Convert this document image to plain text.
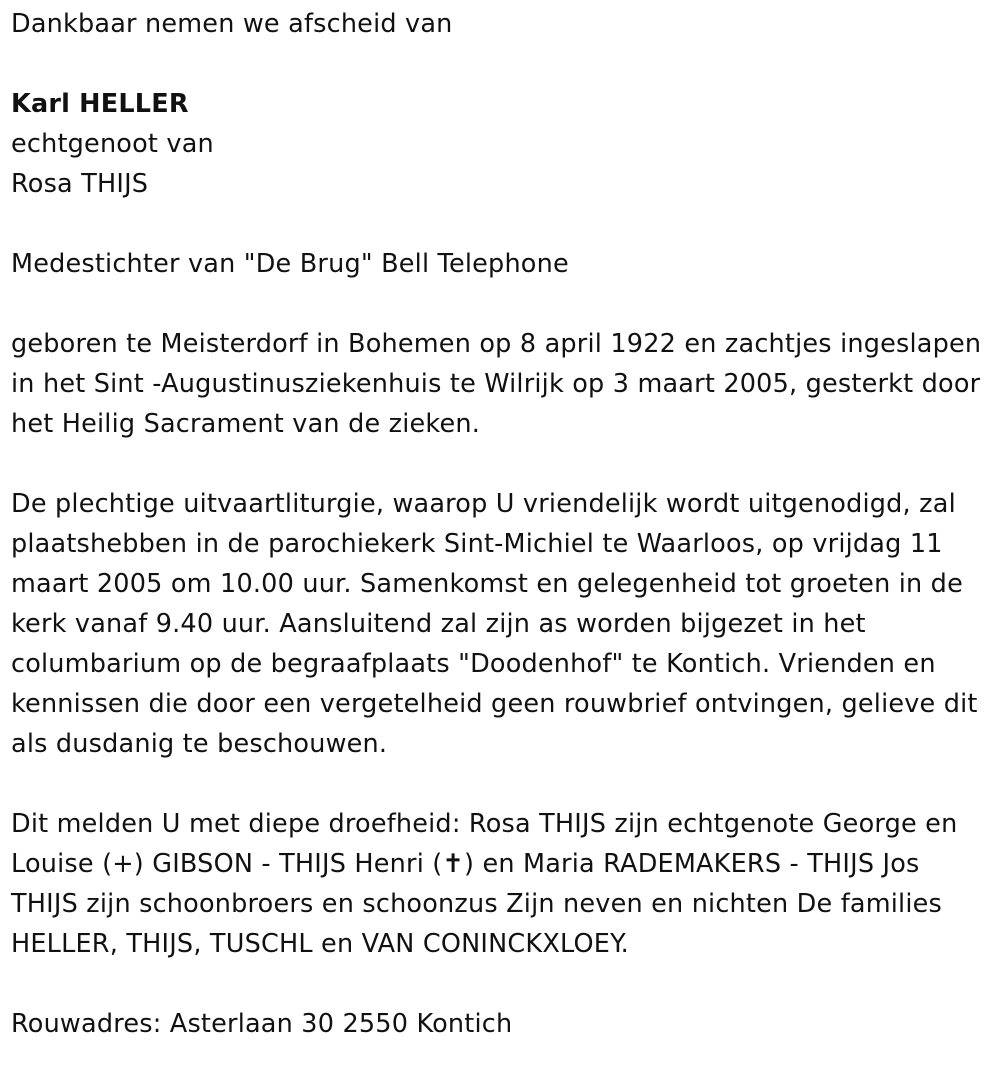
Dankbaar nemen we afscheid van

Karl HELLER

echtgenoot van

Rosa THIJS

Medestichter van "De Brug" Bell Telephone

geboren te Meisterdorf in Bohemen op 8 april 1922 en zachtjes ingeslapen in het Sint -Augustinusziekenhuis te Wilrijk op 3 maart 2005, gesterkt door het Heilig Sacrament van de zieken.

De plechtige uitvaartliturgie, waarop U vriendelijk wordt uitgenodigd, zal plaatshebben in de parochiekerk Sint-Michiel te Waarloos, op vrijdag 11 maart 2005 om 10.00 uur. Samenkomst en gelegenheid tot groeten in de kerk vanaf 9.40 uur. Aansluitend zal zijn as worden bijgezet in het columbarium op de begraafplaats "Doodenhof" te Kontich. Vrienden en kennissen die door een vergetelheid geen rouwbrief ontvingen, gelieve dit als dusdanig te beschouwen.

Dit melden U met diepe droefheid: Rosa THIJS zijn echtgenote George en Louise (+) GIBSON - THIJS Henri (✝) en Maria RADEMAKERS - THIJS Jos THIJS zijn schoonbroers en schoonzus Zijn neven en nichten De families HELLER, THIJS, TUSCHL en VAN CONINCKXLOEY.

Rouwadres: Asterlaan 30 2550 Kontich
